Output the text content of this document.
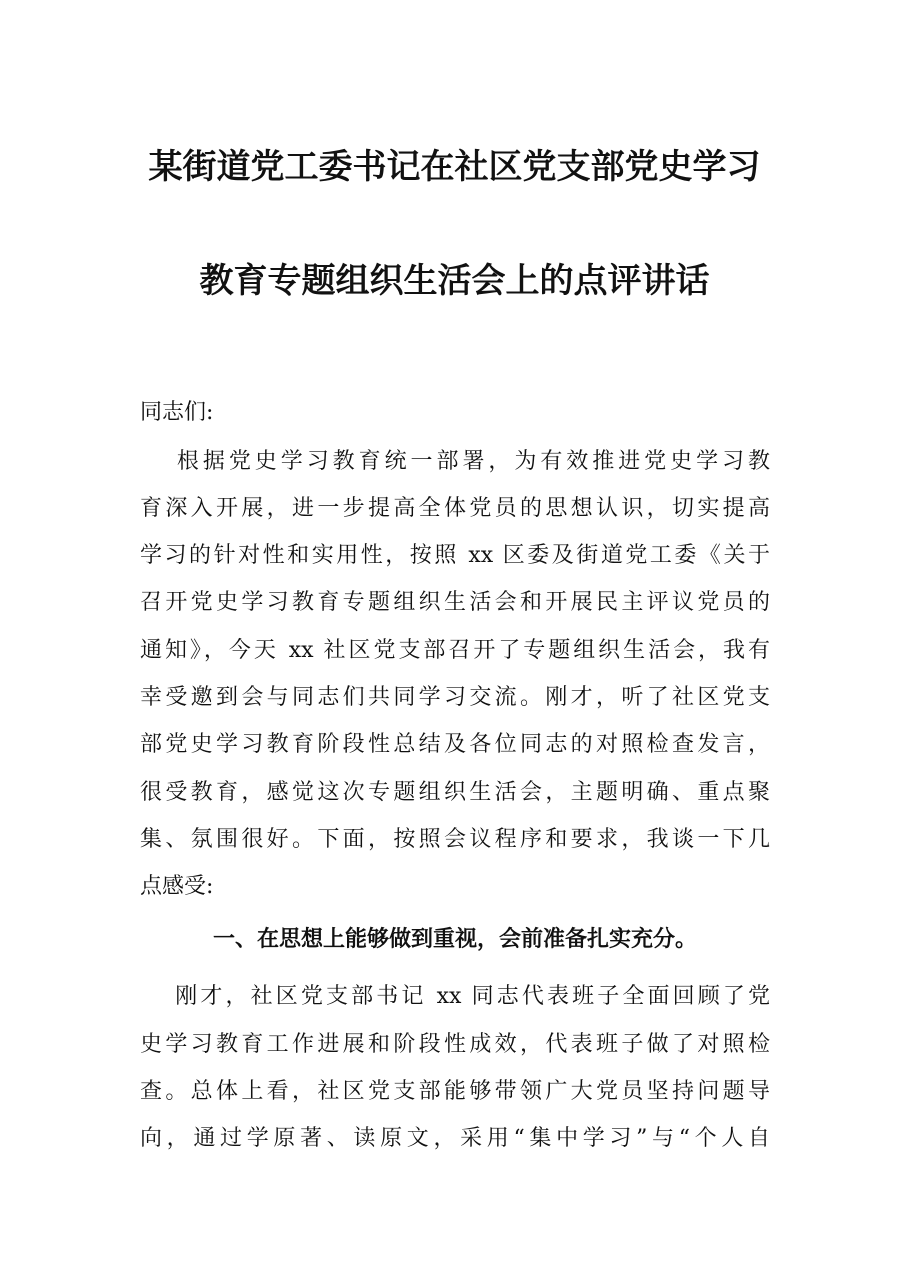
某街道党工委书记在社区党支部党史学习
教育专题组织生活会上的点评讲话
同志们:
　 根据党史学习教育统一部署，为有效推进党史学习教
育深入开展，进一步提高全体党员的思想认识，切实提高
学习的针对性和实用性，按照 xx 区委及街道党工委《关于
召开党史学习教育专题组织生活会和开展民主评议党员的
通知》，今天 xx 社区党支部召开了专题组织生活会，我有
幸受邀到会与同志们共同学习交流。刚才，听了社区党支
部党史学习教育阶段性总结及各位同志的对照检查发言，
很受教育，感觉这次专题组织生活会，主题明确、重点聚
集、氛围很好。下面，按照会议程序和要求，我谈一下几
点感受:
一、在思想上能够做到重视，会前准备扎实充分。
　 刚才，社区党支部书记 xx 同志代表班子全面回顾了党
史学习教育工作进展和阶段性成效，代表班子做了对照检
查。总体上看，社区党支部能够带领广大党员坚持问题导
向，通过学原著、读原文，采用“集中学习”与“个人自
